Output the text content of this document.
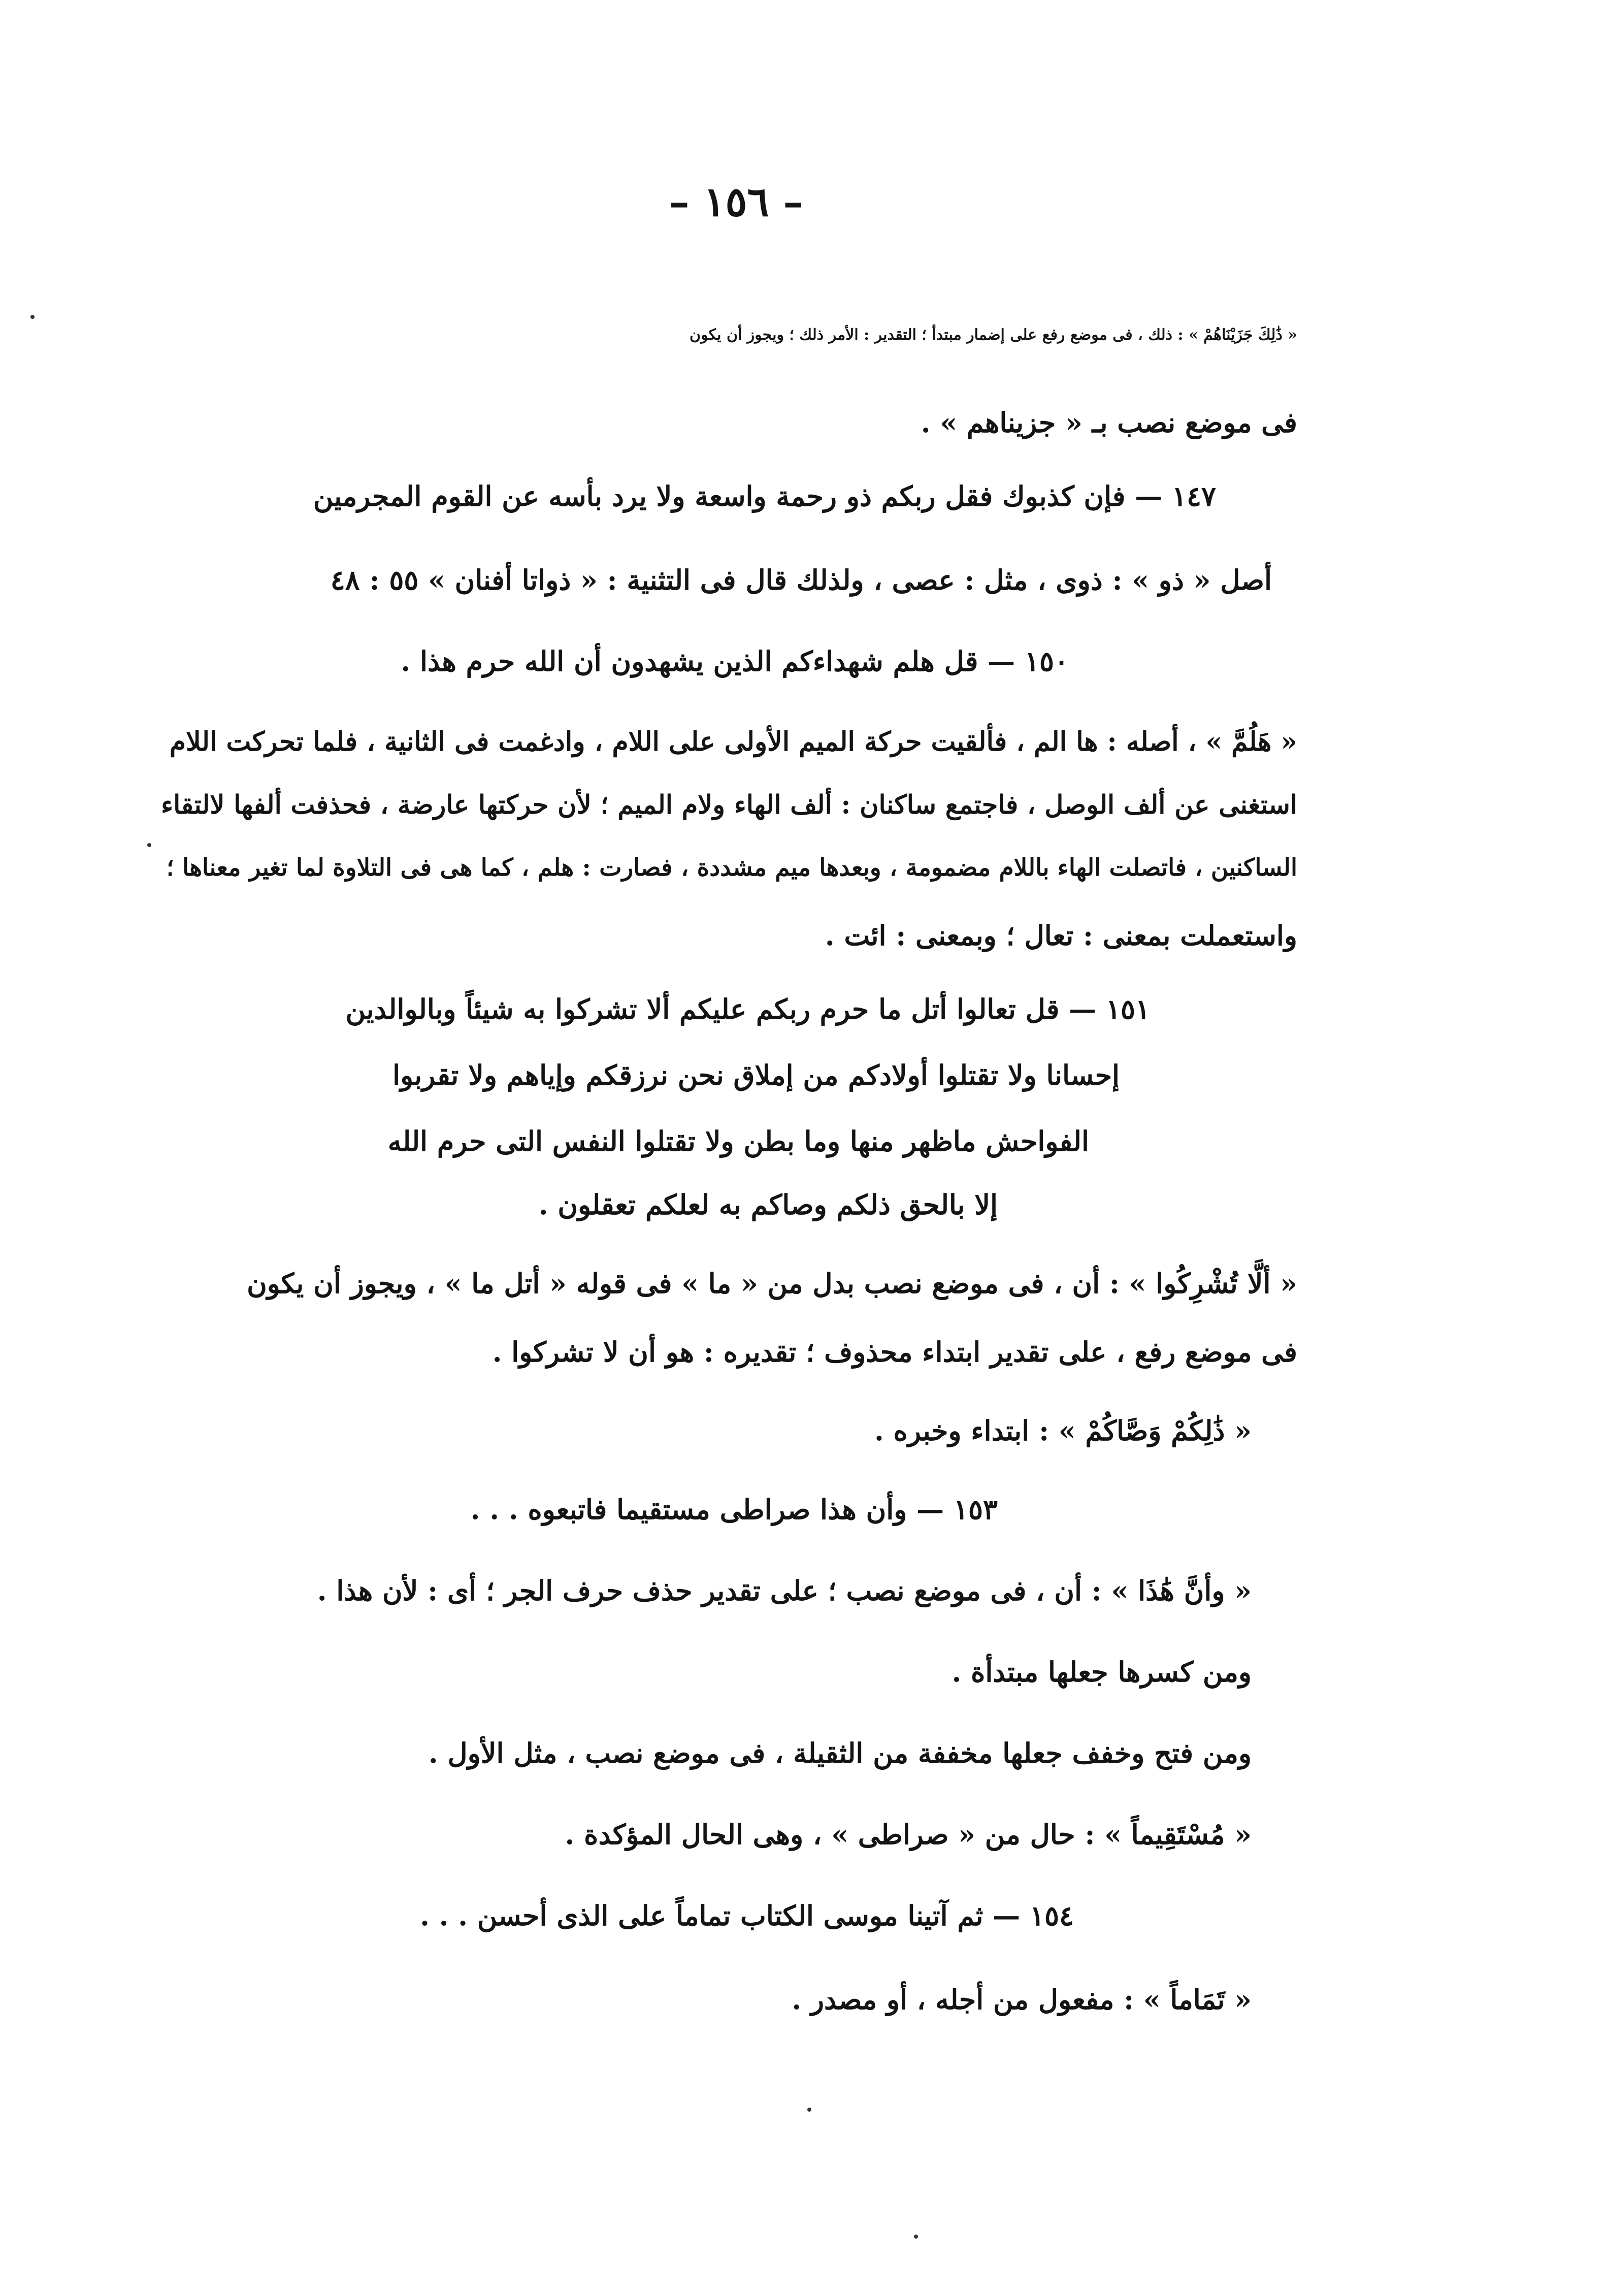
– ١٥٦ –
« ذَٰلِكَ جَزَيْنَاهُمْ » : ذلك ، فى موضع رفع على إضمار مبتدأ ؛ التقدير : الأمر ذلك ؛ ويجوز أن يكون
فى موضع نصب بـ « جزيناهم » .
١٤٧ — فإن كذبوك فقل ربكم ذو رحمة واسعة ولا يرد بأسه عن القوم المجرمين
أصل « ذو » : ذوى ، مثل : عصى ، ولذلك قال فى التثنية : « ذواتا أفنان » ٥٥ : ٤٨
١٥٠ — قل هلم شهداءكم الذين يشهدون أن الله حرم هذا .
« هَلُمَّ » ، أصله : ها الم ، فألقيت حركة الميم الأولى على اللام ، وادغمت فى الثانية ، فلما تحركت اللام
استغنى عن ألف الوصل ، فاجتمع ساكنان : ألف الهاء ولام الميم ؛ لأن حركتها عارضة ، فحذفت ألفها لالتقاء
الساكنين ، فاتصلت الهاء باللام مضمومة ، وبعدها ميم مشددة ، فصارت : هلم ، كما هى فى التلاوة لما تغير معناها ؛
واستعملت بمعنى : تعال ؛ وبمعنى : ائت .
١٥١ — قل تعالوا أتل ما حرم ربكم عليكم ألا تشركوا به شيئاً وبالوالدين
إحسانا ولا تقتلوا أولادكم من إملاق نحن نرزقكم وإياهم ولا تقربوا
الفواحش ماظهر منها وما بطن ولا تقتلوا النفس التى حرم الله
إلا بالحق ذلكم وصاكم به لعلكم تعقلون .
« ألَّا تُشْرِكُوا » : أن ، فى موضع نصب بدل من « ما » فى قوله « أتل ما » ، ويجوز أن يكون
فى موضع رفع ، على تقدير ابتداء محذوف ؛ تقديره : هو أن لا تشركوا .
« ذَٰلِكُمْ وَصَّاكُمْ » : ابتداء وخبره .
١٥٣ — وأن هذا صراطى مستقيما فاتبعوه . . .
« وأنَّ هَٰذَا » : أن ، فى موضع نصب ؛ على تقدير حذف حرف الجر ؛ أى : لأن هذا .
ومن كسرها جعلها مبتدأة .
ومن فتح وخفف جعلها مخففة من الثقيلة ، فى موضع نصب ، مثل الأول .
« مُسْتَقِيماً » : حال من « صراطى » ، وهى الحال المؤكدة .
١٥٤ — ثم آتينا موسى الكتاب تماماً على الذى أحسن . . .
« تَمَاماً » : مفعول من أجله ، أو مصدر .
